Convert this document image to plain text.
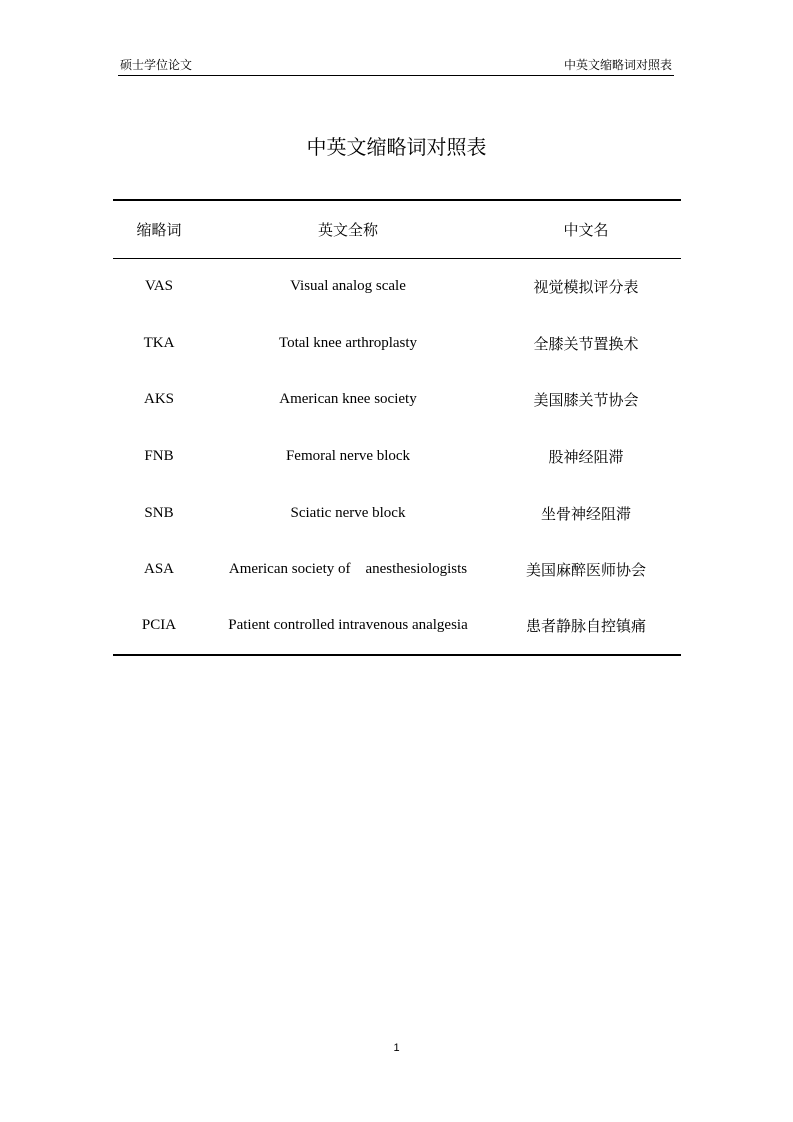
硕士学位论文	中英文缩略词对照表
中英文缩略词对照表
缩略词	英文全称	中文名
VAS	Visual analog scale	视觉模拟评分表
TKA	Total knee arthroplasty	全膝关节置换术
AKS	American knee society	美国膝关节协会
FNB	Femoral nerve block	股神经阻滞
SNB	Sciatic nerve block	坐骨神经阻滞
ASA	American society of    anesthesiologists	美国麻醉医师协会
PCIA	Patient controlled intravenous analgesia	患者静脉自控镇痛
1
